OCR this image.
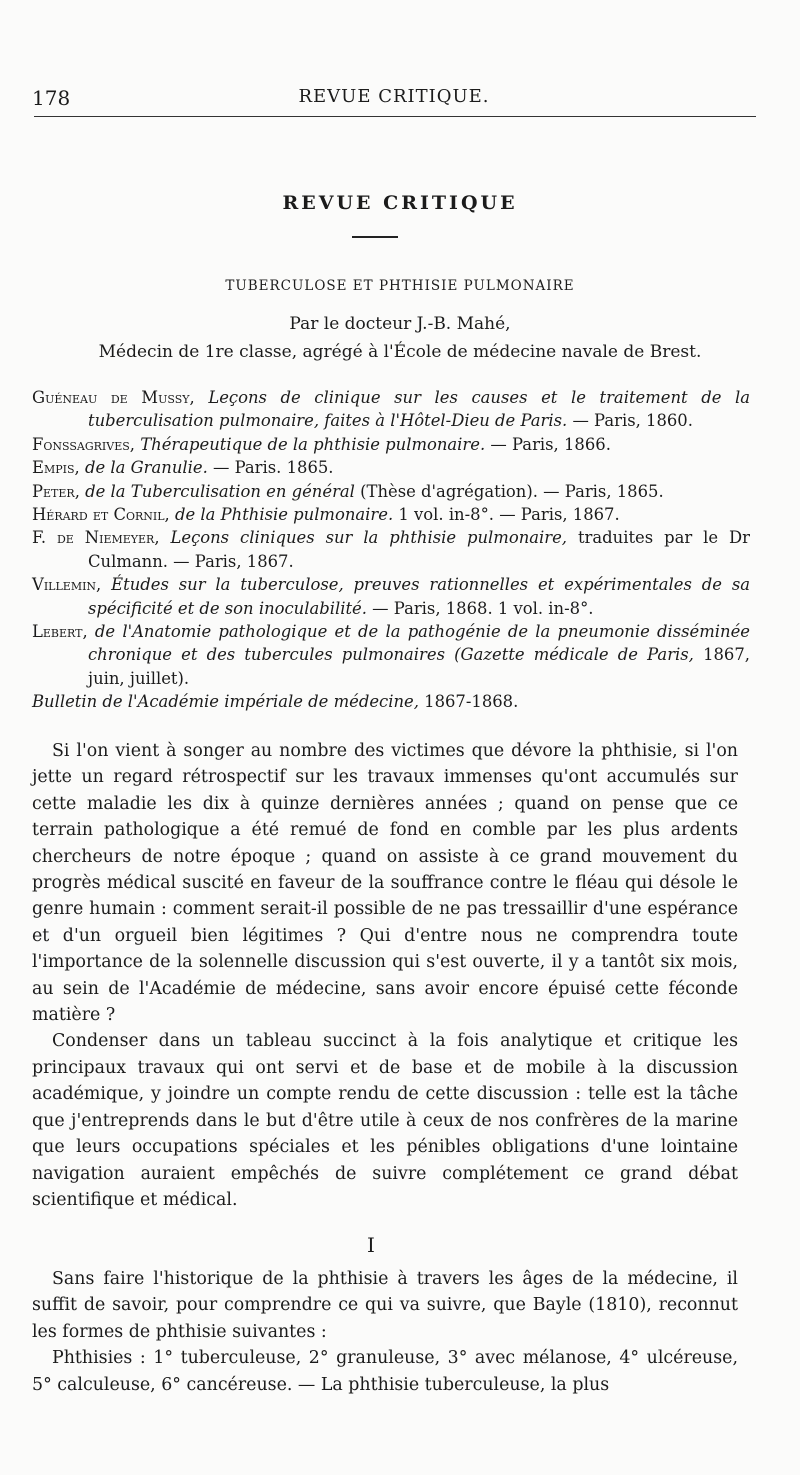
178	REVUE CRITIQUE.
REVUE CRITIQUE
TUBERCULOSE ET PHTHISIE PULMONAIRE
Par le docteur J.-B. Mahé,
Médecin de 1re classe, agrégé à l'École de médecine navale de Brest.

Guéneau de Mussy, Leçons de clinique sur les causes et le traitement de la tuberculisation pulmonaire, faites à l'Hôtel-Dieu de Paris. — Paris, 1860.

Fonssagrives, Thérapeutique de la phthisie pulmonaire. — Paris, 1866.

Empis, de la Granulie. — Paris. 1865.

Peter, de la Tuberculisation en général (Thèse d'agrégation). — Paris, 1865.

Hérard et Cornil, de la Phthisie pulmonaire. 1 vol. in-8°. — Paris, 1867.

F. de Niemeyer, Leçons cliniques sur la phthisie pulmonaire, traduites par le Dr Culmann. — Paris, 1867.

Villemin, Études sur la tuberculose, preuves rationnelles et expérimentales de sa spécificité et de son inoculabilité. — Paris, 1868. 1 vol. in-8°.

Lebert, de l'Anatomie pathologique et de la pathogénie de la pneumonie disséminée chronique et des tubercules pulmonaires (Gazette médicale de Paris, 1867, juin, juillet).

Bulletin de l'Académie impériale de médecine, 1867-1868.

Si l'on vient à songer au nombre des victimes que dévore la phthisie, si l'on jette un regard rétrospectif sur les travaux immenses qu'ont accumulés sur cette maladie les dix à quinze dernières années ; quand on pense que ce terrain pathologique a été remué de fond en comble par les plus ardents chercheurs de notre époque ; quand on assiste à ce grand mouvement du progrès médical suscité en faveur de la souffrance contre le fléau qui désole le genre humain : comment serait-il possible de ne pas tressaillir d'une espérance et d'un orgueil bien légitimes ? Qui d'entre nous ne comprendra toute l'importance de la solennelle discussion qui s'est ouverte, il y a tantôt six mois, au sein de l'Académie de médecine, sans avoir encore épuisé cette féconde matière ?

Condenser dans un tableau succinct à la fois analytique et critique les principaux travaux qui ont servi et de base et de mobile à la discussion académique, y joindre un compte rendu de cette discussion : telle est la tâche que j'entreprends dans le but d'être utile à ceux de nos confrères de la marine que leurs occupations spéciales et les pénibles obligations d'une lointaine navigation auraient empêchés de suivre complétement ce grand débat scientifique et médical.

I

Sans faire l'historique de la phthisie à travers les âges de la médecine, il suffit de savoir, pour comprendre ce qui va suivre, que Bayle (1810), reconnut les formes de phthisie suivantes :

Phthisies : 1° tuberculeuse, 2° granuleuse, 3° avec mélanose, 4° ulcéreuse, 5° calculeuse, 6° cancéreuse. — La phthisie tuberculeuse, la plus
